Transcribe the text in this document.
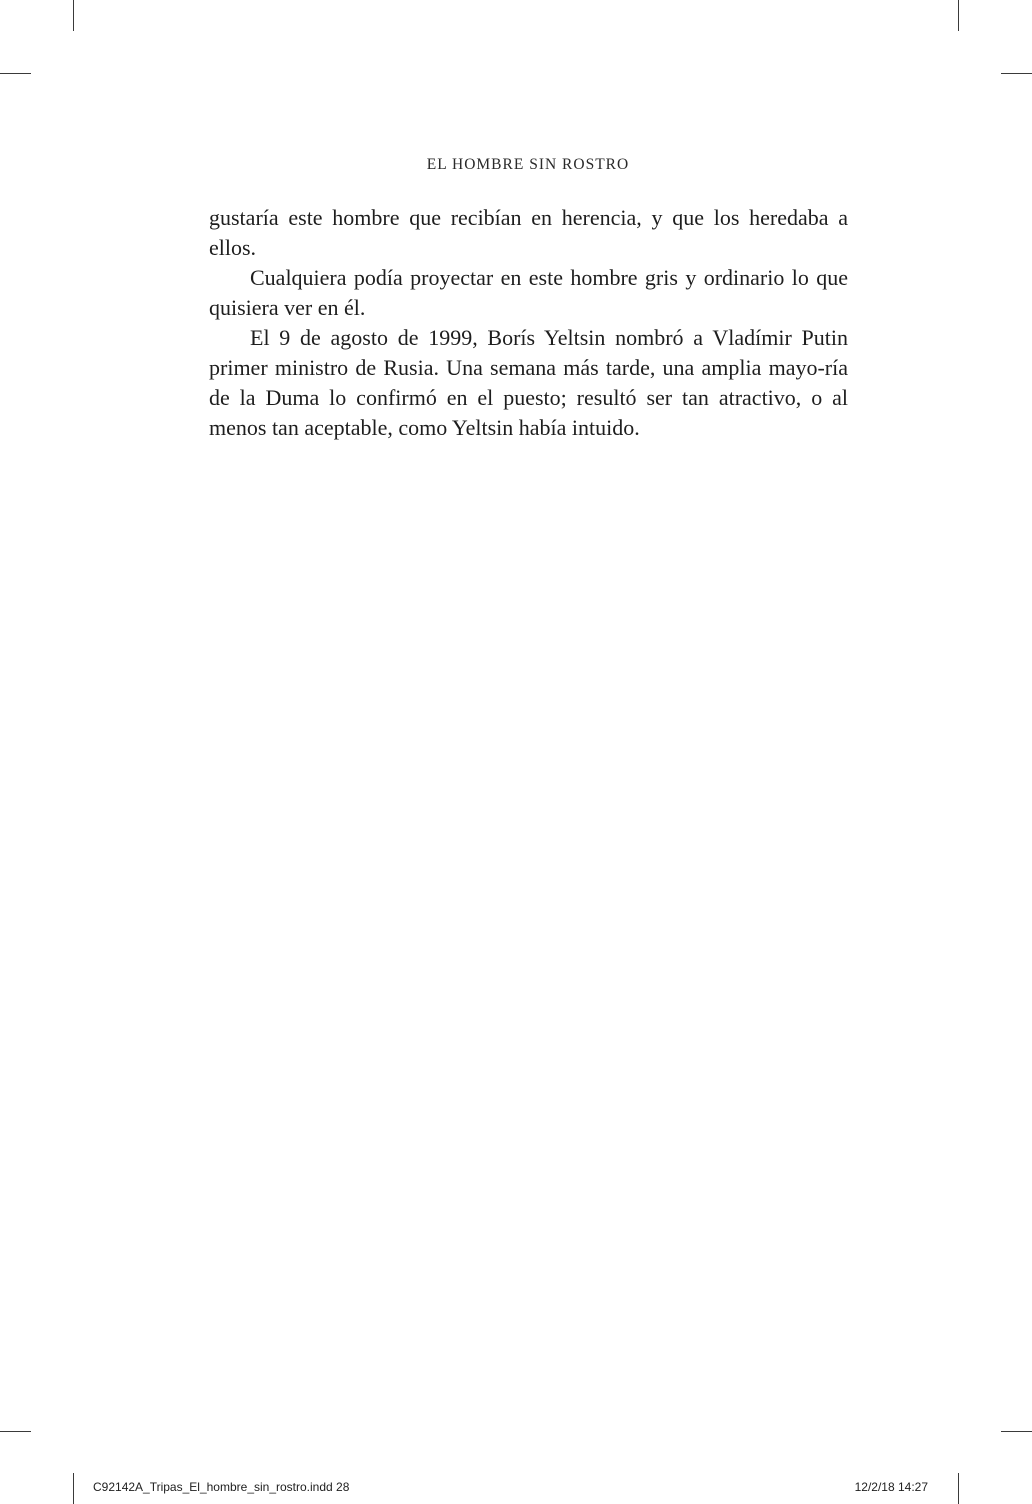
EL HOMBRE SIN ROSTRO

gustaría este hombre que recibían en herencia, y que los heredaba a ellos.

Cualquiera podía proyectar en este hombre gris y ordinario lo que quisiera ver en él.

El 9 de agosto de 1999, Borís Yeltsin nombró a Vladímir Putin primer ministro de Rusia. Una semana más tarde, una amplia mayo-ría de la Duma lo confirmó en el puesto; resultó ser tan atractivo, o al menos tan aceptable, como Yeltsin había intuido.

C92142A_Tripas_El_hombre_sin_rostro.indd 28	12/2/18 14:27
